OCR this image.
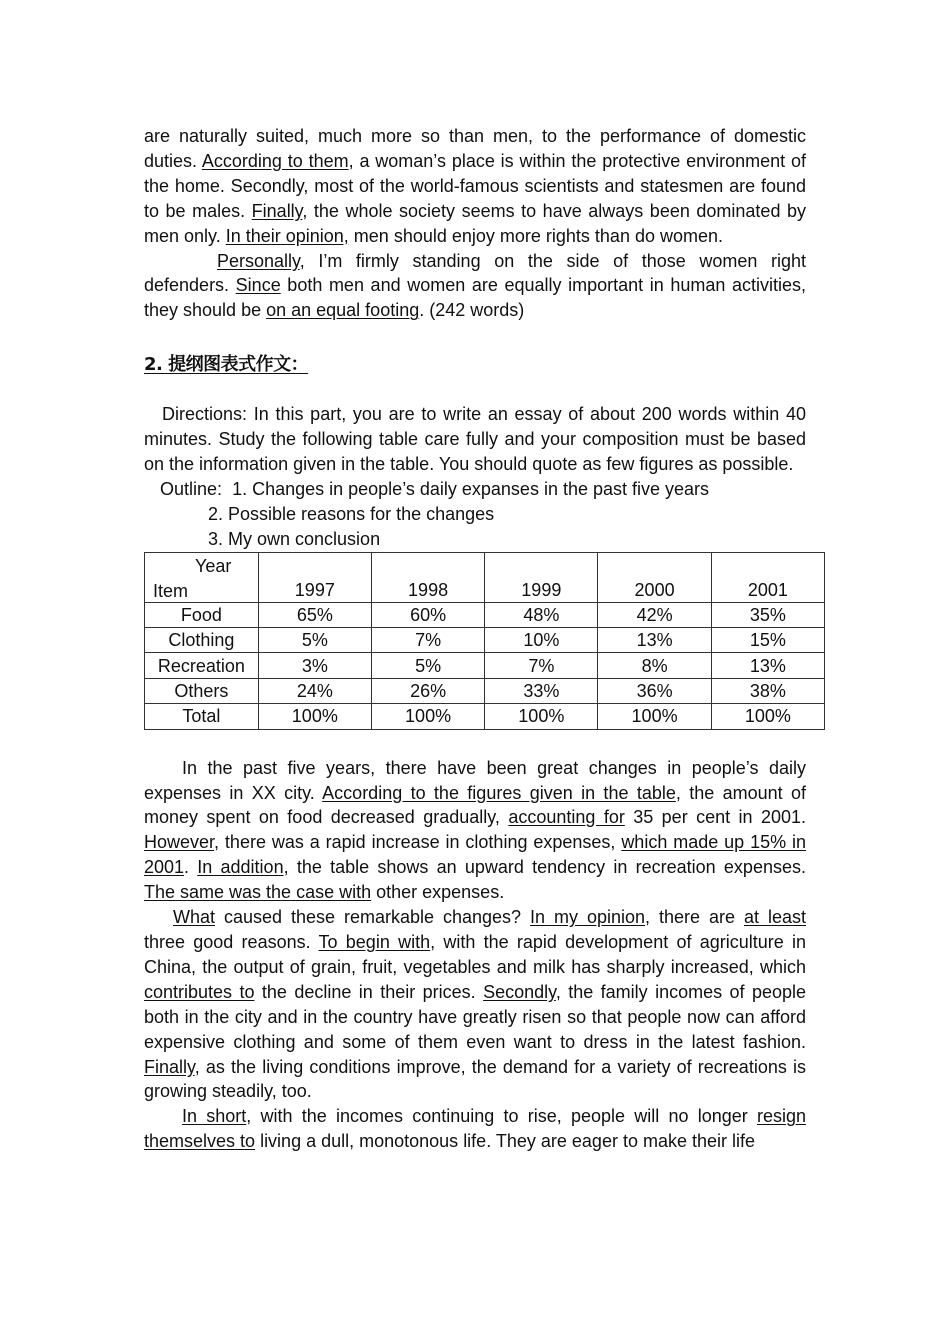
are naturally suited, much more so than men, to the performance of domestic duties. According to them, a woman’s place is within the protective environment of the home. Secondly, most of the world-famous scientists and statesmen are found to be males. Finally, the whole society seems to have always been dominated by men only. In their opinion, men should enjoy more rights than do women.

Personally, I’m firmly standing on the side of those women right defenders. Since both men and women are equally important in human activities, they should be on an equal footing. (242 words)

2. 提纲图表式作文：

Directions: In this part, you are to write an essay of about 200 words within 40 minutes. Study the following table care fully and your composition must be based on the information given in the table. You should quote as few figures as possible.

Outline: 1. Changes in people’s daily expanses in the past five years

2. Possible reasons for the changes

3. My own conclusion

Year
Item	1997	1998	1999	2000	2001
Food	65%	60%	48%	42%	35%
Clothing	5%	7%	10%	13%	15%
Recreation	3%	5%	7%	8%	13%
Others	24%	26%	33%	36%	38%
Total	100%	100%	100%	100%	100%

In the past five years, there have been great changes in people’s daily expenses in XX city. According to the figures given in the table, the amount of money spent on food decreased gradually, accounting for 35 per cent in 2001. However, there was a rapid increase in clothing expenses, which made up 15% in 2001. In addition, the table shows an upward tendency in recreation expenses. The same was the case with other expenses.

What caused these remarkable changes? In my opinion, there are at least three good reasons. To begin with, with the rapid development of agriculture in China, the output of grain, fruit, vegetables and milk has sharply increased, which contributes to the decline in their prices. Secondly, the family incomes of people both in the city and in the country have greatly risen so that people now can afford expensive clothing and some of them even want to dress in the latest fashion. Finally, as the living conditions improve, the demand for a variety of recreations is growing steadily, too.

In short, with the incomes continuing to rise, people will no longer resign themselves to living a dull, monotonous life. They are eager to make their life
